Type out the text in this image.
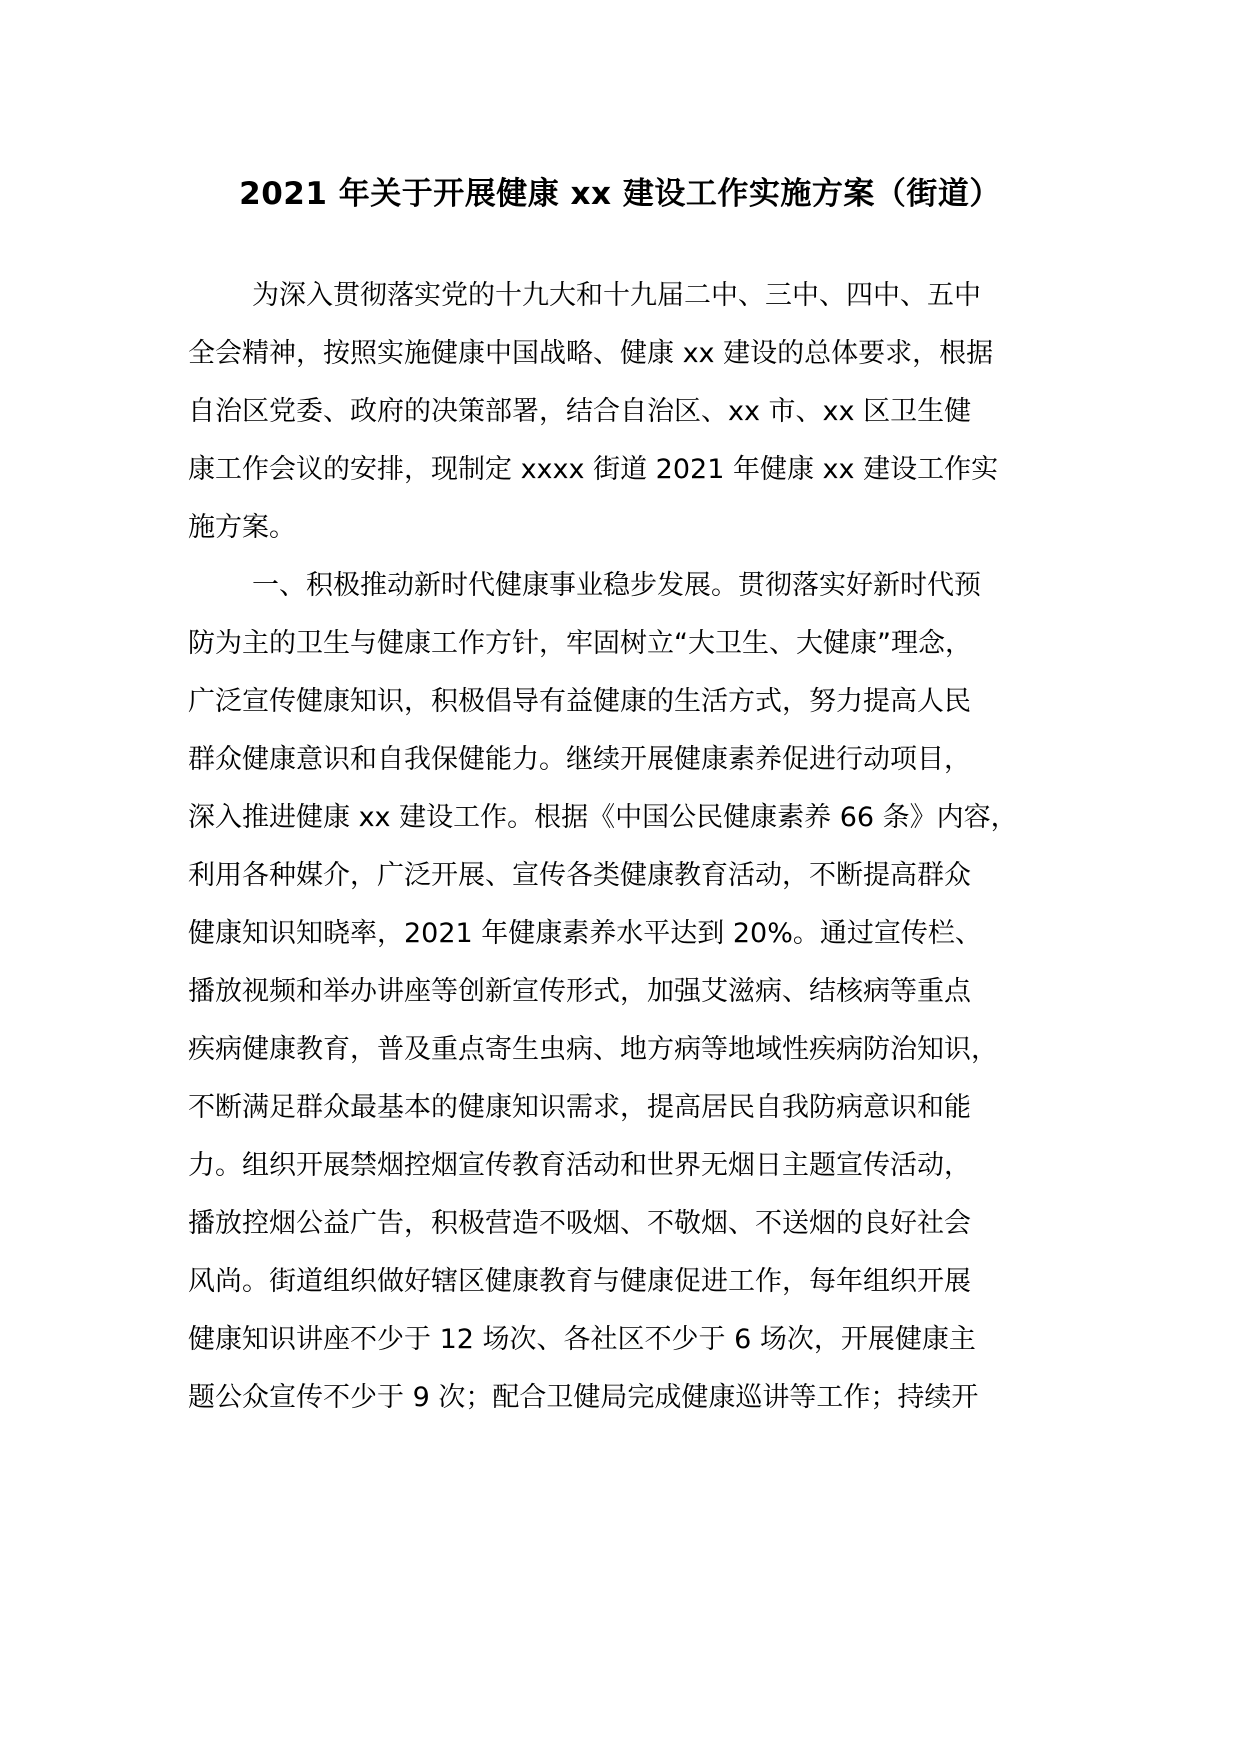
2021 年关于开展健康 xx 建设工作实施方案（街道）
为深入贯彻落实党的十九大和十九届二中、三中、四中、五中
全会精神，按照实施健康中国战略、健康 xx 建设的总体要求，根据
自治区党委、政府的决策部署，结合自治区、xx 市、xx 区卫生健
康工作会议的安排，现制定 xxxx 街道 2021 年健康 xx 建设工作实
施方案。
一、积极推动新时代健康事业稳步发展。贯彻落实好新时代预
防为主的卫生与健康工作方针，牢固树立“大卫生、大健康”理念，
广泛宣传健康知识，积极倡导有益健康的生活方式，努力提高人民
群众健康意识和自我保健能力。继续开展健康素养促进行动项目，
深入推进健康 xx 建设工作。根据《中国公民健康素养 66 条》内容，
利用各种媒介，广泛开展、宣传各类健康教育活动，不断提高群众
健康知识知晓率，2021 年健康素养水平达到 20%。通过宣传栏、
播放视频和举办讲座等创新宣传形式，加强艾滋病、结核病等重点
疾病健康教育，普及重点寄生虫病、地方病等地域性疾病防治知识，
不断满足群众最基本的健康知识需求，提高居民自我防病意识和能
力。组织开展禁烟控烟宣传教育活动和世界无烟日主题宣传活动，
播放控烟公益广告，积极营造不吸烟、不敬烟、不送烟的良好社会
风尚。街道组织做好辖区健康教育与健康促进工作，每年组织开展
健康知识讲座不少于 12 场次、各社区不少于 6 场次，开展健康主
题公众宣传不少于 9 次；配合卫健局完成健康巡讲等工作；持续开
